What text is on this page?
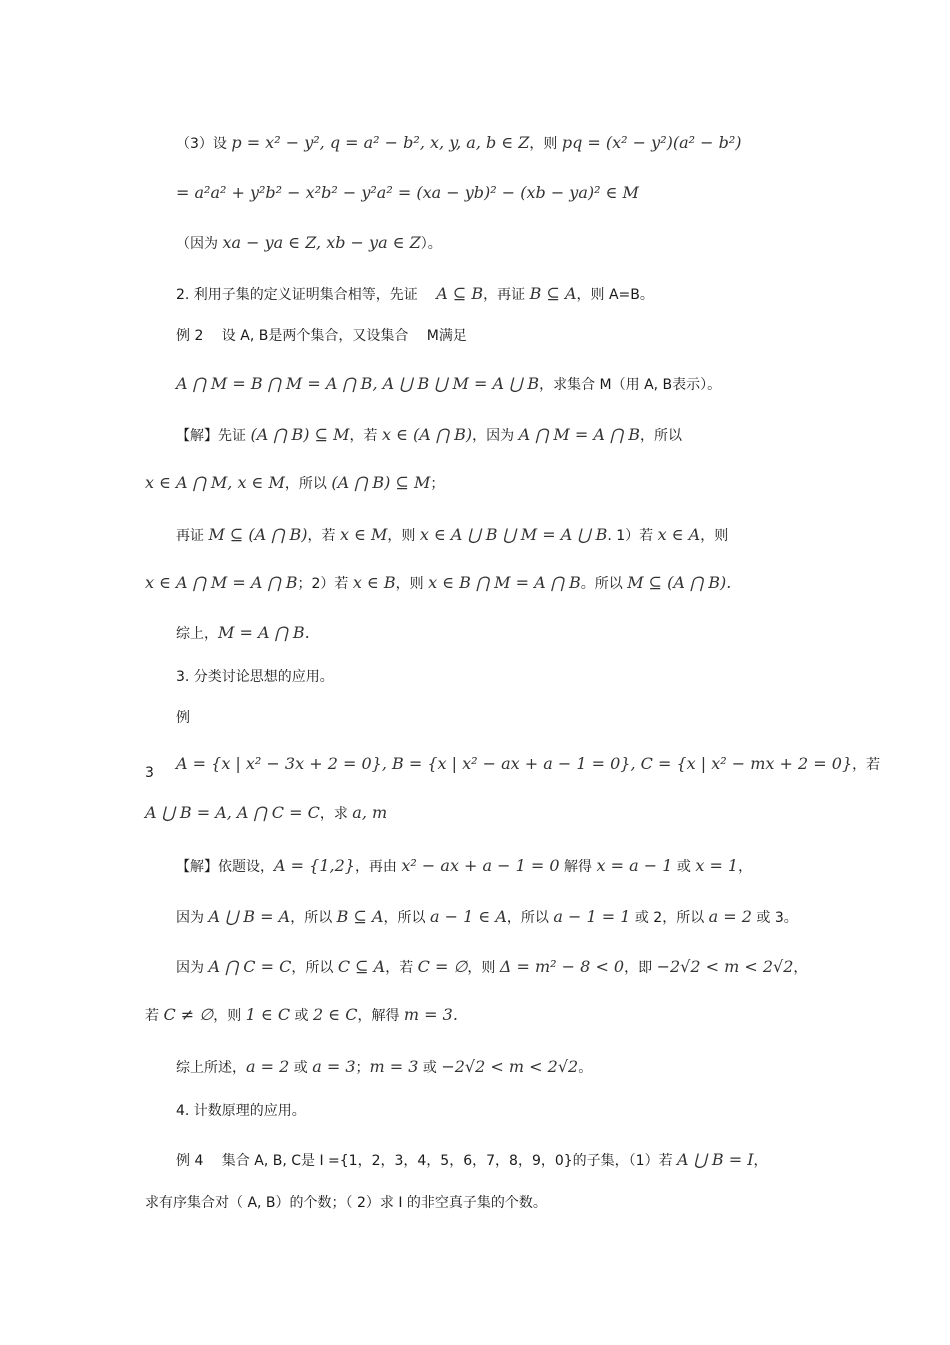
（3）设 p = x² − y², q = a² − b², x, y, a, b ∈ Z，则 pq = (x² − y²)(a² − b²)
= a²a² + y²b² − x²b² − y²a² = (xa − yb)² − (xb − ya)² ∈ M
（因为 xa − ya ∈ Z, xb − ya ∈ Z）。
2. 利用子集的定义证明集合相等，先证　 A ⊆ B，再证 B ⊆ A，则 A=B。
例 2　 设 A, B是两个集合，又设集合　 M满足
A ⋂ M = B ⋂ M = A ⋂ B, A ⋃ B ⋃ M = A ⋃ B，求集合 M（用 A, B表示）。
【解】先证 (A ⋂ B) ⊆ M，若 x ∈ (A ⋂ B)，因为 A ⋂ M = A ⋂ B，所以
x ∈ A ⋂ M, x ∈ M，所以 (A ⋂ B) ⊆ M；
再证 M ⊆ (A ⋂ B)，若 x ∈ M，则 x ∈ A ⋃ B ⋃ M = A ⋃ B. 1）若 x ∈ A，则
x ∈ A ⋂ M = A ⋂ B；2）若 x ∈ B，则 x ∈ B ⋂ M = A ⋂ B。所以 M ⊆ (A ⋂ B).
综上，M = A ⋂ B.
3. 分类讨论思想的应用。
例
3 A = {x | x² − 3x + 2 = 0}, B = {x | x² − ax + a − 1 = 0}, C = {x | x² − mx + 2 = 0}，若
A ⋃ B = A, A ⋂ C = C，求 a, m
【解】依题设，A = {1,2}，再由 x² − ax + a − 1 = 0 解得 x = a − 1 或 x = 1，
因为 A ⋃ B = A，所以 B ⊆ A，所以 a − 1 ∈ A，所以 a − 1 = 1 或 2，所以 a = 2 或 3。
因为 A ⋂ C = C，所以 C ⊆ A，若 C = ∅，则 Δ = m² − 8 < 0，即 −2√2 < m < 2√2，
若 C ≠ ∅，则 1 ∈ C 或 2 ∈ C，解得 m = 3.
综上所述，a = 2 或 a = 3；m = 3 或 −2√2 < m < 2√2。
4. 计数原理的应用。
例 4　 集合 A, B, C是 I ={1，2，3，4，5，6，7，8，9，0}的子集，（1）若 A ⋃ B = I，
求有序集合对（ A, B）的个数；（ 2）求 I 的非空真子集的个数。
